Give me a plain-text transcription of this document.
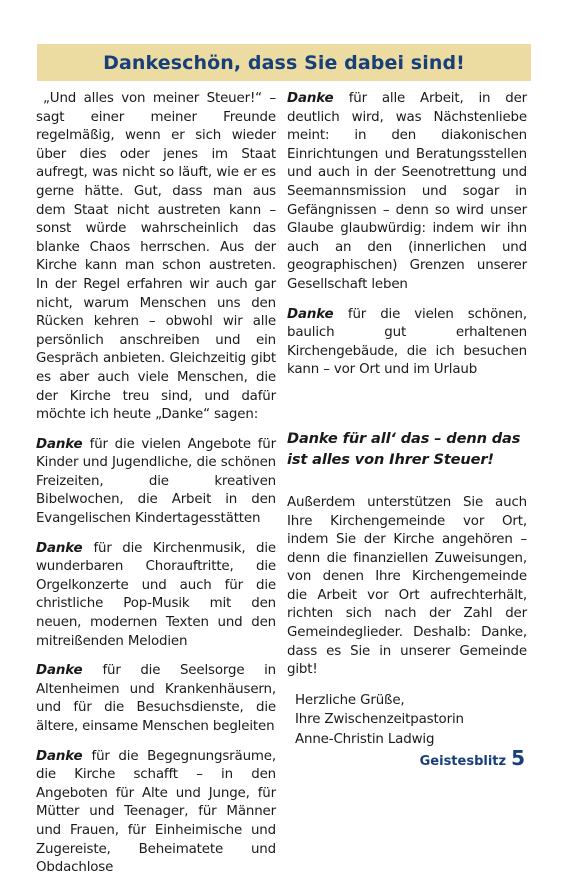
Dankeschön, dass Sie dabei sind!

„Und alles von meiner Steuer!“ – sagt einer meiner Freunde regelmäßig, wenn er sich wieder über dies oder jenes im Staat aufregt, was nicht so läuft, wie er es gerne hätte. Gut, dass man aus dem Staat nicht austreten kann – sonst würde wahrscheinlich das blanke Chaos herrschen. Aus der Kirche kann man schon austreten. In der Regel erfahren wir auch gar nicht, warum Menschen uns den Rücken kehren – obwohl wir alle persönlich anschreiben und ein Gespräch anbieten. Gleichzeitig gibt es aber auch viele Menschen, die der Kirche treu sind, und dafür möchte ich heute „Danke“ sagen:

Danke für die vielen Angebote für Kinder und Jugendliche, die schönen Freizeiten, die kreativen Bibelwochen, die Arbeit in den Evangelischen Kindertagesstätten

Danke für die Kirchenmusik, die wunderbaren Chorauftritte, die Orgelkonzerte und auch für die christliche Pop-Musik mit den neuen, modernen Texten und den mitreißenden Melodien

Danke für die Seelsorge in Altenheimen und Krankenhäusern, und für die Besuchsdienste, die ältere, einsame Menschen begleiten

Danke für die Begegnungsräume, die Kirche schafft – in den Angeboten für Alte und Junge, für Mütter und Teenager, für Männer und Frauen, für Einheimische und Zugereiste, Beheimatete und Obdachlose

Danke für alle Arbeit, in der deutlich wird, was Nächstenliebe meint: in den diakonischen Einrichtungen und Beratungsstellen und auch in der Seenotrettung und Seemannsmission und sogar in Gefängnissen – denn so wird unser Glaube glaubwürdig: indem wir ihn auch an den (innerlichen und geographischen) Grenzen unserer Gesellschaft leben

Danke für die vielen schönen, baulich gut erhaltenen Kirchengebäude, die ich besuchen kann – vor Ort und im Urlaub

Danke für all‘ das – denn das ist alles von Ihrer Steuer!

Außerdem unterstützen Sie auch Ihre Kirchengemeinde vor Ort, indem Sie der Kirche angehören – denn die finanziellen Zuweisungen, von denen Ihre Kirchengemeinde die Arbeit vor Ort aufrechterhält, richten sich nach der Zahl der Gemeindeglieder. Deshalb: Danke, dass es Sie in unserer Gemeinde gibt!

Herzliche Grüße,
Ihre Zwischenzeitpastorin
Anne-Christin Ladwig
Geistesblitz 5
